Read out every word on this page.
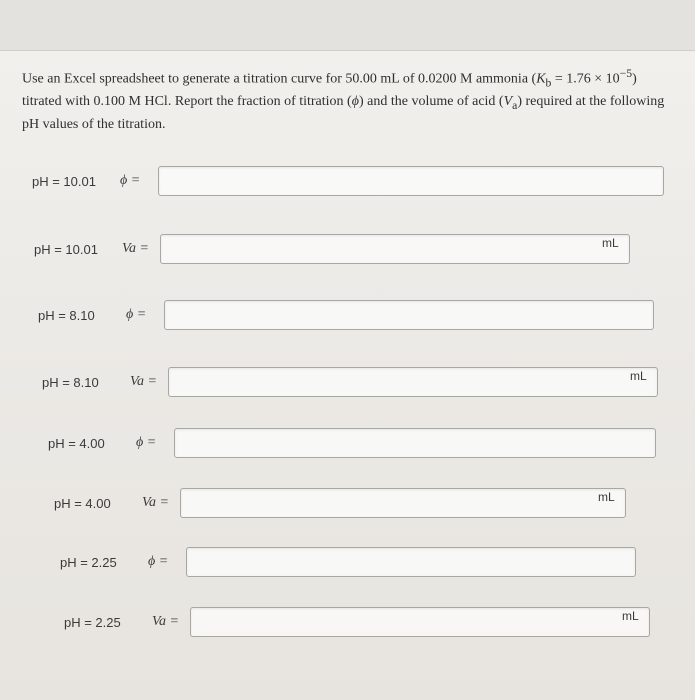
Use an Excel spreadsheet to generate a titration curve for 50.00 mL of 0.0200 M ammonia $(K_b = 1.76 \times 10^{-5})$ titrated with 0.100 M HCl. Report the fraction of titration (ϕ) and the volume of acid $(V_a)$ required at the following pH values of the titration.
pH = 10.01	ϕ =
pH = 10.01	Va =	mL
pH = 8.10	ϕ =
pH = 8.10	Va =	mL
pH = 4.00	ϕ =
pH = 4.00	Va =	mL
pH = 2.25	ϕ =
pH = 2.25	Va =	mL
